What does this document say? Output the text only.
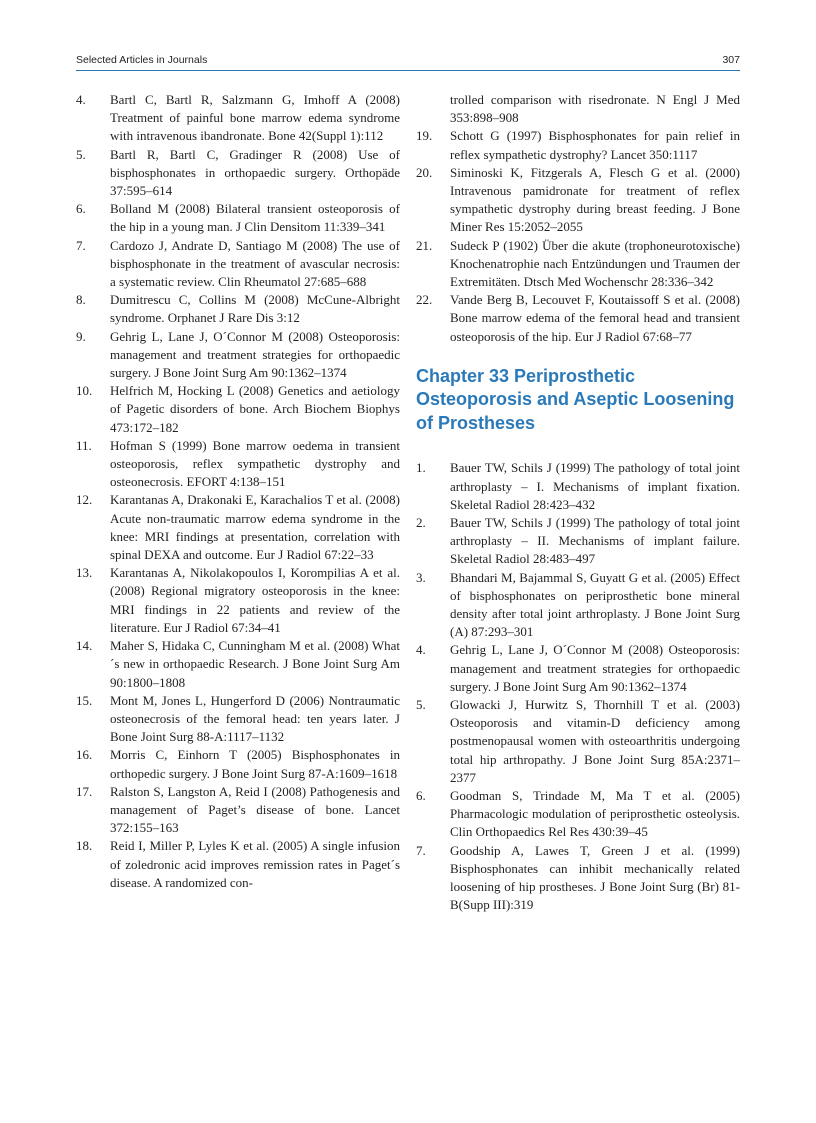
Selected Articles in Journals	307
4. Bartl C, Bartl R, Salzmann G, Imhoff A (2008) Treatment of painful bone marrow edema syndrome with intravenous ibandronate. Bone 42(Suppl 1):112
5. Bartl R, Bartl C, Gradinger R (2008) Use of bisphosphonates in orthopaedic surgery. Orthopäde 37:595–614
6. Bolland M (2008) Bilateral transient osteoporosis of the hip in a young man. J Clin Densitom 11:339–341
7. Cardozo J, Andrate D, Santiago M (2008) The use of bisphosphonate in the treatment of avascular necrosis: a systematic review. Clin Rheumatol 27:685–688
8. Dumitrescu C, Collins M (2008) McCune-Albright syndrome. Orphanet J Rare Dis 3:12
9. Gehrig L, Lane J, O´Connor M (2008) Osteoporosis: management and treatment strategies for orthopaedic surgery. J Bone Joint Surg Am 90:1362–1374
10. Helfrich M, Hocking L (2008) Genetics and aetiology of Pagetic disorders of bone. Arch Biochem Biophys 473:172–182
11. Hofman S (1999) Bone marrow oedema in transient osteoporosis, reflex sympathetic dystrophy and osteonecrosis. EFORT 4:138–151
12. Karantanas A, Drakonaki E, Karachalios T et al. (2008) Acute non-traumatic marrow edema syndrome in the knee: MRI findings at presentation, correlation with spinal DEXA and outcome. Eur J Radiol 67:22–33
13. Karantanas A, Nikolakopoulos I, Korompilias A et al. (2008) Regional migratory osteoporosis in the knee: MRI findings in 22 patients and review of the literature. Eur J Radiol 67:34–41
14. Maher S, Hidaka C, Cunningham M et al. (2008) What´s new in orthopaedic Research. J Bone Joint Surg Am 90:1800–1808
15. Mont M, Jones L, Hungerford D (2006) Nontraumatic osteonecrosis of the femoral head: ten years later. J Bone Joint Surg 88-A:1117–1132
16. Morris C, Einhorn T (2005) Bisphosphonates in orthopedic surgery. J Bone Joint Surg 87-A:1609–1618
17. Ralston S, Langston A, Reid I (2008) Pathogenesis and management of Paget’s disease of bone. Lancet 372:155–163
18. Reid I, Miller P, Lyles K et al. (2005) A single infusion of zoledronic acid improves remission rates in Paget´s disease. A randomized con-
trolled comparison with risedronate. N Engl J Med 353:898–908
19. Schott G (1997) Bisphosphonates for pain relief in reflex sympathetic dystrophy? Lancet 350:1117
20. Siminoski K, Fitzgerals A, Flesch G et al. (2000) Intravenous pamidronate for treatment of reflex sympathetic dystrophy during breast feeding. J Bone Miner Res 15:2052–2055
21. Sudeck P (1902) Über die akute (trophoneurotoxische) Knochenatrophie nach Entzündungen und Traumen der Extremitäten. Dtsch Med Wochenschr 28:336–342
22. Vande Berg B, Lecouvet F, Koutaissoff S et al. (2008) Bone marrow edema of the femoral head and transient osteoporosis of the hip. Eur J Radiol 67:68–77
Chapter 33 Periprosthetic Osteoporosis and Aseptic Loosening of Prostheses
1. Bauer TW, Schils J (1999) The pathology of total joint arthroplasty – I. Mechanisms of implant fixation. Skeletal Radiol 28:423–432
2. Bauer TW, Schils J (1999) The pathology of total joint arthroplasty – II. Mechanisms of implant failure. Skeletal Radiol 28:483–497
3. Bhandari M, Bajammal S, Guyatt G et al. (2005) Effect of bisphosphonates on periprosthetic bone mineral density after total joint arthroplasty. J Bone Joint Surg (A) 87:293–301
4. Gehrig L, Lane J, O´Connor M (2008) Osteoporosis: management and treatment strategies for orthopaedic surgery. J Bone Joint Surg Am 90:1362–1374
5. Glowacki J, Hurwitz S, Thornhill T et al. (2003) Osteoporosis and vitamin-D deficiency among postmenopausal women with osteoarthritis undergoing total hip arthropathy. J Bone Joint Surg 85A:2371–2377
6. Goodman S, Trindade M, Ma T et al. (2005) Pharmacologic modulation of periprosthetic osteolysis. Clin Orthopaedics Rel Res 430:39–45
7. Goodship A, Lawes T, Green J et al. (1999) Bisphosphonates can inhibit mechanically related loosening of hip prostheses. J Bone Joint Surg (Br) 81-B(Supp III):319
